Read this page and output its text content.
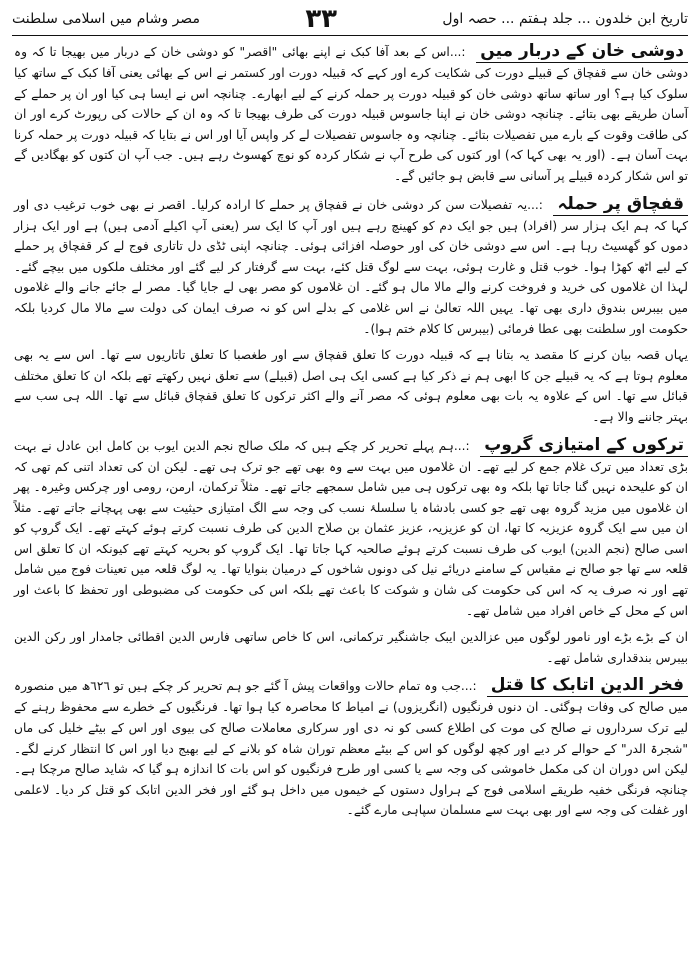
تاریخ ابن خلدون ... جلد ہفتم ... حصہ اول
٣٣
مصر وشام میں اسلامی سلطنت

دوشی خان کے دربار میں :...اس کے بعد آفا کبک نے اپنے بھائی "اقصر" کو دوشی خان کے دربار میں بھیجا تا کہ وہ دوشی خان سے قفچاق کے قبیلے دورت کی شکایت کرے اور کہے کہ قبیلہ دورت اور کستمر نے اس کے بھائی یعنی آفا کبک کے ساتھ کیا سلوک کیا ہے؟ اور ساتھ ساتھ دوشی خان کو قبیلہ دورت پر حملہ کرنے کے لیے ابھارے۔ چنانچہ اس نے ایسا ہی کیا اور ان پر حملے کے آسان طریقے بھی بتائے۔ چنانچہ دوشی خان نے اپنا جاسوس قبیلہ دورت کی طرف بھیجا تا کہ وہ ان کے حالات کی رپورٹ کرے اور ان کی طاقت وقوت کے بارے میں تفصیلات بتائے۔ چنانچہ وہ جاسوس تفصیلات لے کر واپس آیا اور اس نے بتایا کہ قبیلہ دورت پر حملہ کرنا بہت آسان ہے۔ (اور یہ بھی کہا کہ) اور کتوں کی طرح آپ نے شکار کردہ کو نوچ کھسوٹ رہے ہیں۔ جب آپ ان کتوں کو بھگادیں گے تو اس شکار کردہ قبیلے پر آسانی سے قابض ہو جائیں گے۔

قفچاق پر حملہ :...یہ تفصیلات سن کر دوشی خان نے قفچاق پر حملے کا ارادہ کرلیا۔ اقصر نے بھی خوب ترغیب دی اور کہا کہ ہم ایک ہزار سر (افراد) ہیں جو ایک دم کو کھینچ رہے ہیں اور آپ کا ایک سر (یعنی آپ اکیلے آدمی ہیں) ہے اور ایک ہزار دموں کو گھسیٹ رہا ہے۔ اس سے دوشی خان کی اور حوصلہ افزائی ہوئی۔ چنانچہ اپنی ٹڈی دل تاتاری فوج لے کر قفچاق پر حملے کے لیے اٹھ کھڑا ہوا۔ خوب قتل و غارت ہوئی، بہت سے لوگ قتل کئے، بہت سے گرفتار کر لیے گئے اور مختلف ملکوں میں بیچے گئے۔ لہذا ان غلاموں کی خرید و فروخت کرنے والے مالا مال ہو گئے۔ ان غلاموں کو مصر بھی لے جایا گیا۔ مصر لے جائے جانے والے غلاموں میں بیبرس بندوق داری بھی تھا۔ یہیں اللہ تعالیٰ نے اس غلامی کے بدلے اس کو نہ صرف ایمان کی دولت سے مالا مال کردیا بلکہ حکومت اور سلطنت بھی عطا فرمائی (بیبرس کا کلام ختم ہوا)۔

یہاں قصہ بیان کرنے کا مقصد یہ بتانا ہے کہ قبیلہ دورت کا تعلق قفچاق سے اور طغصبا کا تعلق تاتاریوں سے تھا۔ اس سے یہ بھی معلوم ہوتا ہے کہ یہ قبیلے جن کا ابھی ہم نے ذکر کیا ہے کسی ایک ہی اصل (قبیلے) سے تعلق نہیں رکھتے تھے بلکہ ان کا تعلق مختلف قبائل سے تھا۔ اس کے علاوہ یہ بات بھی معلوم ہوئی کہ مصر آنے والے اکثر ترکوں کا تعلق قفچاق قبائل سے تھا۔ اللہ ہی سب سے بہتر جاننے والا ہے۔

ترکوں کے امتیازی گروپ :...ہم پہلے تحریر کر چکے ہیں کہ ملک صالح نجم الدین ایوب بن کامل ابن عادل نے بہت بڑی تعداد میں ترک غلام جمع کر لیے تھے۔ ان غلاموں میں بہت سے وہ بھی تھے جو ترک ہی تھے۔ لیکن ان کی تعداد اتنی کم تھی کہ ان کو علیحدہ نہیں گنا جاتا تھا بلکہ وہ بھی ترکوں ہی میں شامل سمجھے جاتے تھے۔ مثلاً ترکمان، ارمن، رومی اور چرکس وغیرہ۔ پھر ان غلاموں میں مزید گروہ بھی تھے جو کسی بادشاہ یا سلسلۂ نسب کی وجہ سے الگ امتیازی حیثیت سے بھی پہچانے جاتے تھے۔ مثلاً ان میں سے ایک گروہ عزیزیہ کا تھا، ان کو عزیزیہ، عزیز عثمان بن صلاح الدین کی طرف نسبت کرتے ہوئے کہتے تھے۔ ایک گروپ کو اسی صالح (نجم الدین) ایوب کی طرف نسبت کرتے ہوئے صالحیہ کہا جاتا تھا۔ ایک گروپ کو بحریہ کہتے تھے کیونکہ ان کا تعلق اس قلعہ سے تھا جو صالح نے مقیاس کے سامنے دریائے نیل کی دونوں شاخوں کے درمیان بنوایا تھا۔ یہ لوگ قلعہ میں تعینات فوج میں شامل تھے اور نہ صرف یہ کہ اس کی حکومت کی شان و شوکت کا باعث تھے بلکہ اس کی حکومت کی مضبوطی اور تحفظ کا باعث اور اس کے محل کے خاص افراد میں شامل تھے۔

ان کے بڑے بڑے اور نامور لوگوں میں عزالدین ایبک جاشنگیر ترکمانی، اس کا خاص ساتھی فارس الدین اقطائی جامدار اور رکن الدین بیبرس بندقداری شامل تھے۔

فخر الدین اتابک کا قتل :...جب وہ تمام حالات وواقعات پیش آ گئے جو ہم تحریر کر چکے ہیں تو ٦٢٦ھ میں منصورہ میں صالح کی وفات ہوگئی۔ ان دنوں فرنگیوں (انگریزوں) نے امیاط کا محاصرہ کیا ہوا تھا۔ فرنگیوں کے خطرے سے محفوظ رہنے کے لیے ترک سرداروں نے صالح کی موت کی اطلاع کسی کو نہ دی اور سرکاری معاملات صالح کی بیوی اور اس کے بیٹے خلیل کی ماں "شجرۃ الدر" کے حوالے کر دیے اور کچھ لوگوں کو اس کے بیٹے معظم توران شاہ کو بلانے کے لیے بھیج دیا اور اس کا انتظار کرنے لگے۔ لیکن اس دوران ان کی مکمل خاموشی کی وجہ سے یا کسی اور طرح فرنگیوں کو اس بات کا اندازہ ہو گیا کہ شاید صالح مرچکا ہے۔ چنانچہ فرنگی خفیہ طریقے اسلامی فوج کے ہراول دستوں کے خیموں میں داخل ہو گئے اور فخر الدین اتابک کو قتل کر دیا۔ لاعلمی اور غفلت کی وجہ سے اور بھی بہت سے مسلمان سپاہی مارے گئے۔
